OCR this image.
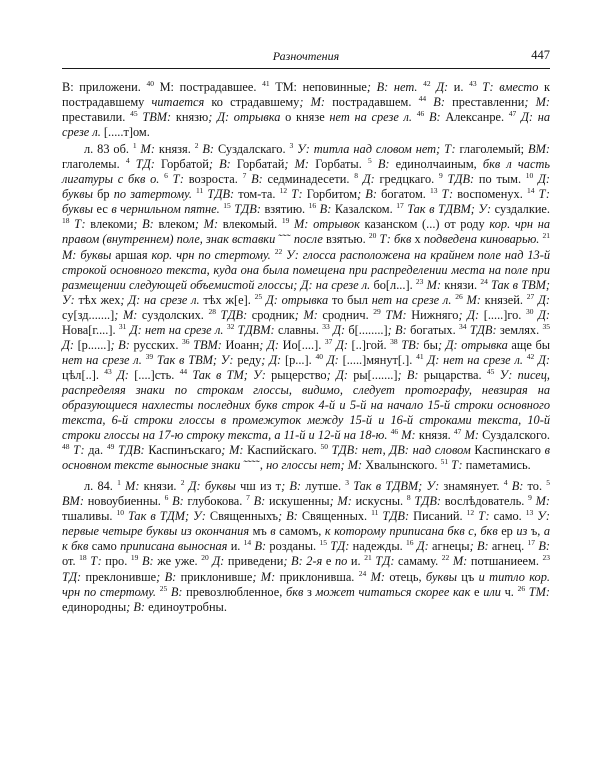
Разночтения	447

В: приложени. $^{40}$ М: пострадавшее. $^{41}$ ТМ: неповинные; В: нет. $^{42}$ Д: и. $^{43}$ Т: вместо к пострадавшему читается ко страдавшему; М: пострадавшем. $^{44}$ В: преставленни; М: преставили. $^{45}$ ТВМ: князю; Д: отрывка о князе нет на срезе л. $^{46}$ В: Алексанре. $^{47}$ Д: на срезе л. [.....т]ом.

л. 83 об. $^1$ М: князя. $^2$ В: Суздалскаго. $^3$ У: титла над словом нет; Т: глаголемый; ВМ: глаголемы. $^4$ ТД: Горбатой; В: Горбатай; М: Горбаты. $^5$ В: единолчаиным, бкв л часть лигатуры с бкв о. $^6$ Т: возроста. $^7$ В: седминадесети. $^8$ Д: гредцкаго. $^9$ ТДВ: по тым. $^{10}$ Д: буквы бр по затертому. $^{11}$ ТДВ: том-та. $^{12}$ Т: Горбитом; В: богатом. $^{13}$ Т: воспоменух. $^{14}$ Т: буквы ес в чернильном пятне. $^{15}$ ТДВ: взятию. $^{16}$ В: Казалском. $^{17}$ Так в ТДВМ; У: суздалкие. $^{18}$ Т: влекоми; В: влеком; М: влекомый. $^{19}$ М: отрывок казанском (...) от роду кор. чрн на правом (внутреннем) поле, знак вставки ˜˜˜ после взятью. $^{20}$ Т: бкв х подведена киноварью. $^{21}$ М: буквы аршая кор. чрн по стертому. $^{22}$ У: глосса расположена на крайнем поле над 13-й строкой основного текста, куда она была помещена при распределении места на поле при размещении следующей объемистой глоссы; Д: на срезе л. бо[л...]. $^{23}$ М: князи. $^{24}$ Так в ТВМ; У: тѣх жех; Д: на срезе л. тѣх ж[е]. $^{25}$ Д: отрывка то был нет на срезе л. $^{26}$ М: князей. $^{27}$ Д: су[зд.......]; М: суздолских. $^{28}$ ТДВ: сродник; М: сроднич. $^{29}$ ТМ: Нижняго; Д: [.....]го. $^{30}$ Д: Нова[г....]. $^{31}$ Д: нет на срезе л. $^{32}$ ТДВМ: славны. $^{33}$ Д: б[........]; В: богатых. $^{34}$ ТДВ: землях. $^{35}$ Д: [р......]; В: русских. $^{36}$ ТВМ: Иоанн; Д: Ио[....]. $^{37}$ Д: [..]гой. $^{38}$ ТВ: бы; Д: отрывка аще бы нет на срезе л. $^{39}$ Так в ТВМ; У: реду; Д: [р...]. $^{40}$ Д: [.....]мянут[.]. $^{41}$ Д: нет на срезе л. $^{42}$ Д: цѣл[..]. $^{43}$ Д: [....]сть. $^{44}$ Так в ТМ; У: рыцерство; Д: ры[.......]; В: рыцарства. $^{45}$ У: писец, распределяя знаки по строкам глоссы, видимо, следует протографу, невзирая на образующиеся нахлесты последних букв строк 4-й и 5-й на начало 15-й строки основного текста, 6-й строки глоссы в промежуток между 15-й и 16-й строками текста, 10-й строки глоссы на 17-ю строку текста, а 11-й и 12-й на 18-ю. $^{46}$ М: князя. $^{47}$ М: Суздалского. $^{48}$ Т: да. $^{49}$ ТДВ: Каспинъскаго; М: Каспийскаго. $^{50}$ ТДВ: нет, ДВ: над словом Каспинскаго в основном тексте выносные знаки ˜˜˜˜, но глоссы нет; М: Хвалынского. $^{51}$ Т: паметамись.

л. 84. $^1$ М: князи. $^2$ Д: буквы чш из т; В: лутше. $^3$ Так в ТДВМ; У: знамянует. $^4$ В: то. $^5$ ВМ: новоубиенны. $^6$ В: глубокова. $^7$ В: искушенны; М: искусны. $^8$ ТДВ: вослѣдователь. $^9$ М: тшаливы. $^{10}$ Так в ТДМ; У: Священныхъ; В: Священных. $^{11}$ ТДВ: Писаний. $^{12}$ Т: само. $^{13}$ У: первые четыре буквы из окончания мъ в самомъ, к которому приписана бкв с, бкв ер из ъ, а к бкв само приписана выносная и. $^{14}$ В: розданы. $^{15}$ ТД: надежды. $^{16}$ Д: агнецы; В: агнец. $^{17}$ В: от. $^{18}$ Т: про. $^{19}$ В: же уже. $^{20}$ Д: приведени; В: 2-я е по и. $^{21}$ ТД: самаму. $^{22}$ М: потшаниеем. $^{23}$ ТД: преклонивше; В: приклонивше; М: приклонивша. $^{24}$ М: отець, буквы цъ и титло кор. чрн по стертому. $^{25}$ В: превозлюбленное, бкв з может читаться скорее как е или ч. $^{26}$ ТМ: единородны; В: единоутробны.
